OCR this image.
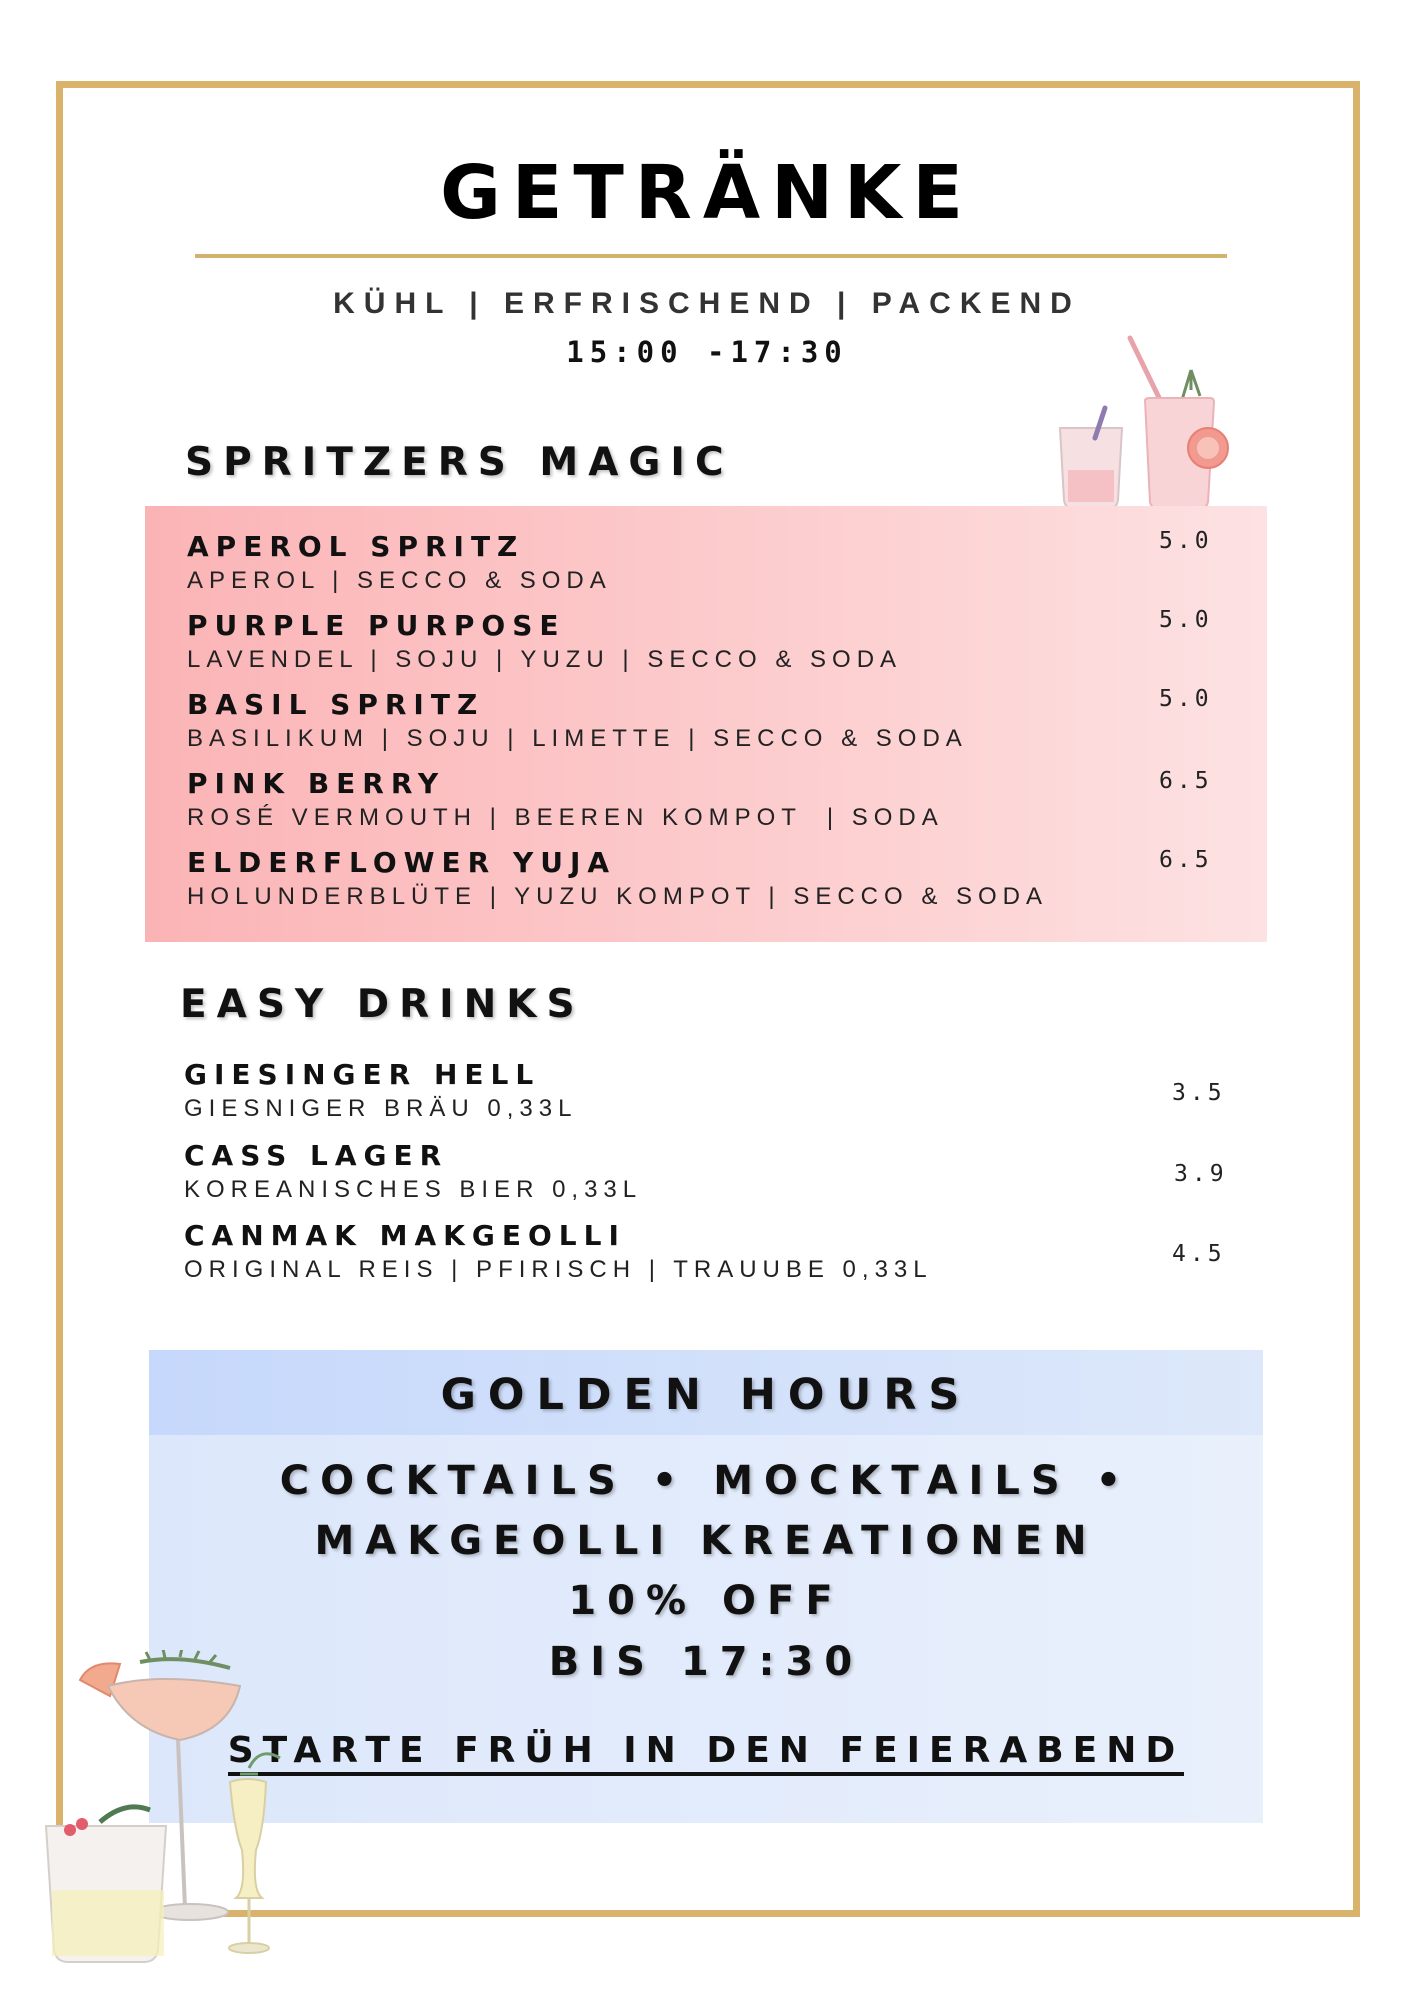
GETRÄNKE
KÜHL | ERFRISCHEND | PACKEND
15:00 -17:30
SPRITZERS MAGIC
APEROL SPRITZ
APEROL | SECCO & SODA
5.0
PURPLE PURPOSE
LAVENDEL | SOJU | YUZU | SECCO & SODA
5.0
BASIL SPRITZ
BASILIKUM | SOJU | LIMETTE | SECCO & SODA
5.0
PINK BERRY
ROSÉ VERMOUTH | BEEREN KOMPOT  | SODA
6.5
ELDERFLOWER YUJA
HOLUNDERBLÜTE | YUZU KOMPOT | SECCO & SODA
6.5
EASY DRINKS
GIESINGER HELL
GIESNIGER BRÄU 0,33L
3.5
CASS LAGER
KOREANISCHES BIER 0,33L
3.9
CANMAK MAKGEOLLI
ORIGINAL REIS | PFIRISCH | TRAUUBE 0,33L
4.5
GOLDEN HOURS
COCKTAILS • MOCKTAILS •
MAKGEOLLI KREATIONEN
10% OFF
BIS 17:30
STARTE FRÜH IN DEN FEIERABEND
